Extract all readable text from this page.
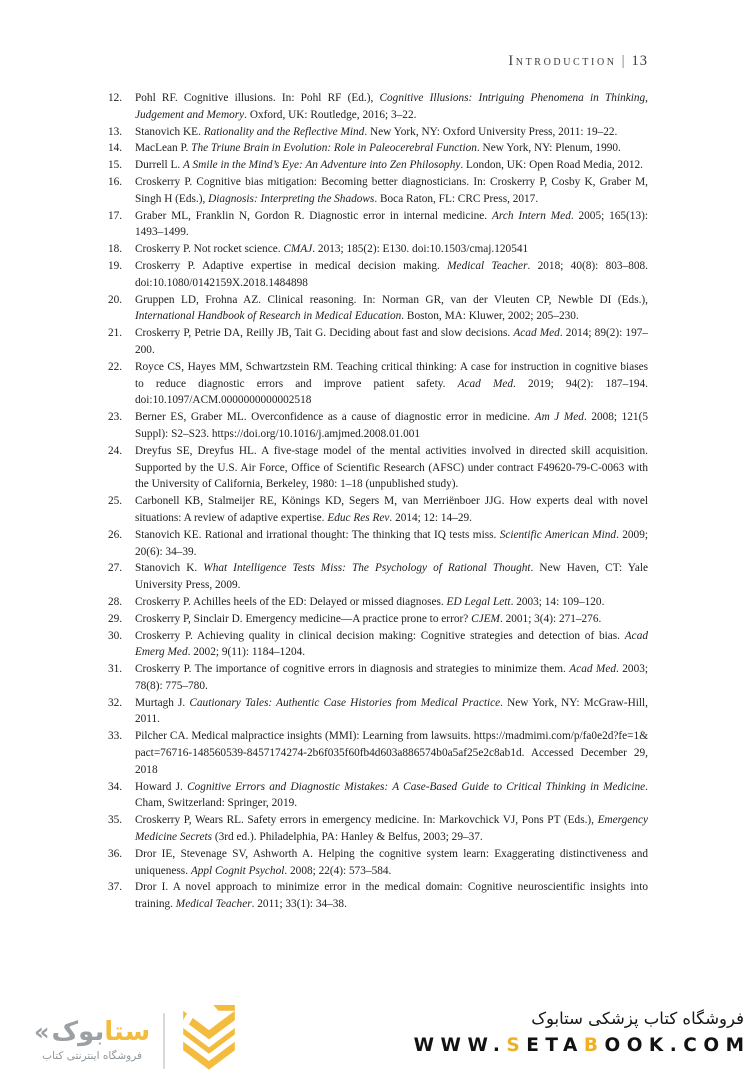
Introduction | 13
12. Pohl RF. Cognitive illusions. In: Pohl RF (Ed.), Cognitive Illusions: Intriguing Phenomena in Thinking, Judgement and Memory. Oxford, UK: Routledge, 2016; 3–22.
13. Stanovich KE. Rationality and the Reflective Mind. New York, NY: Oxford University Press, 2011: 19–22.
14. MacLean P. The Triune Brain in Evolution: Role in Paleocerebral Function. New York, NY: Plenum, 1990.
15. Durrell L. A Smile in the Mind’s Eye: An Adventure into Zen Philosophy. London, UK: Open Road Media, 2012.
16. Croskerry P. Cognitive bias mitigation: Becoming better diagnosticians. In: Croskerry P, Cosby K, Graber M, Singh H (Eds.), Diagnosis: Interpreting the Shadows. Boca Raton, FL: CRC Press, 2017.
17. Graber ML, Franklin N, Gordon R. Diagnostic error in internal medicine. Arch Intern Med. 2005; 165(13): 1493–1499.
18. Croskerry P. Not rocket science. CMAJ. 2013; 185(2): E130. doi:10.1503/cmaj.120541
19. Croskerry P. Adaptive expertise in medical decision making. Medical Teacher. 2018; 40(8): 803–808. doi:10.1080/0142159X.2018.1484898
20. Gruppen LD, Frohna AZ. Clinical reasoning. In: Norman GR, van der Vleuten CP, Newble DI (Eds.), International Handbook of Research in Medical Education. Boston, MA: Kluwer, 2002; 205–230.
21. Croskerry P, Petrie DA, Reilly JB, Tait G. Deciding about fast and slow decisions. Acad Med. 2014; 89(2): 197–200.
22. Royce CS, Hayes MM, Schwartzstein RM. Teaching critical thinking: A case for instruction in cognitive biases to reduce diagnostic errors and improve patient safety. Acad Med. 2019; 94(2): 187–194. doi:10.1097/ACM.0000000000002518
23. Berner ES, Graber ML. Overconfidence as a cause of diagnostic error in medicine. Am J Med. 2008; 121(5 Suppl): S2–S23. https://doi.org/10.1016/j.amjmed.2008.01.001
24. Dreyfus SE, Dreyfus HL. A five-stage model of the mental activities involved in directed skill acquisition. Supported by the U.S. Air Force, Office of Scientific Research (AFSC) under contract F49620-79-C-0063 with the University of California, Berkeley, 1980: 1–18 (unpublished study).
25. Carbonell KB, Stalmeijer RE, Könings KD, Segers M, van Merriënboer JJG. How experts deal with novel situations: A review of adaptive expertise. Educ Res Rev. 2014; 12: 14–29.
26. Stanovich KE. Rational and irrational thought: The thinking that IQ tests miss. Scientific American Mind. 2009; 20(6): 34–39.
27. Stanovich K. What Intelligence Tests Miss: The Psychology of Rational Thought. New Haven, CT: Yale University Press, 2009.
28. Croskerry P. Achilles heels of the ED: Delayed or missed diagnoses. ED Legal Lett. 2003; 14: 109–120.
29. Croskerry P, Sinclair D. Emergency medicine—A practice prone to error? CJEM. 2001; 3(4): 271–276.
30. Croskerry P. Achieving quality in clinical decision making: Cognitive strategies and detection of bias. Acad Emerg Med. 2002; 9(11): 1184–1204.
31. Croskerry P. The importance of cognitive errors in diagnosis and strategies to minimize them. Acad Med. 2003; 78(8): 775–780.
32. Murtagh J. Cautionary Tales: Authentic Case Histories from Medical Practice. New York, NY: McGraw-Hill, 2011.
33. Pilcher CA. Medical malpractice insights (MMI): Learning from lawsuits. https://madmimi.com/p/fa0e2d?fe=1&pact=76716-148560539-8457174274-2b6f035f60fb4d603a886574b0a5af25e2c8ab1d. Accessed December 29, 2018
34. Howard J. Cognitive Errors and Diagnostic Mistakes: A Case-Based Guide to Critical Thinking in Medicine. Cham, Switzerland: Springer, 2019.
35. Croskerry P, Wears RL. Safety errors in emergency medicine. In: Markovchick VJ, Pons PT (Eds.), Emergency Medicine Secrets (3rd ed.). Philadelphia, PA: Hanley & Belfus, 2003; 29–37.
36. Dror IE, Stevenage SV, Ashworth A. Helping the cognitive system learn: Exaggerating distinctiveness and uniqueness. Appl Cognit Psychol. 2008; 22(4): 573–584.
37. Dror I. A novel approach to minimize error in the medical domain: Cognitive neuroscientific insights into training. Medical Teacher. 2011; 33(1): 34–38.
«	ستابوک
فروشگاه اینترنتی کتاب
فروشگاه کتاب پزشکی ستابوک
WWW.SETABOOK.COM
